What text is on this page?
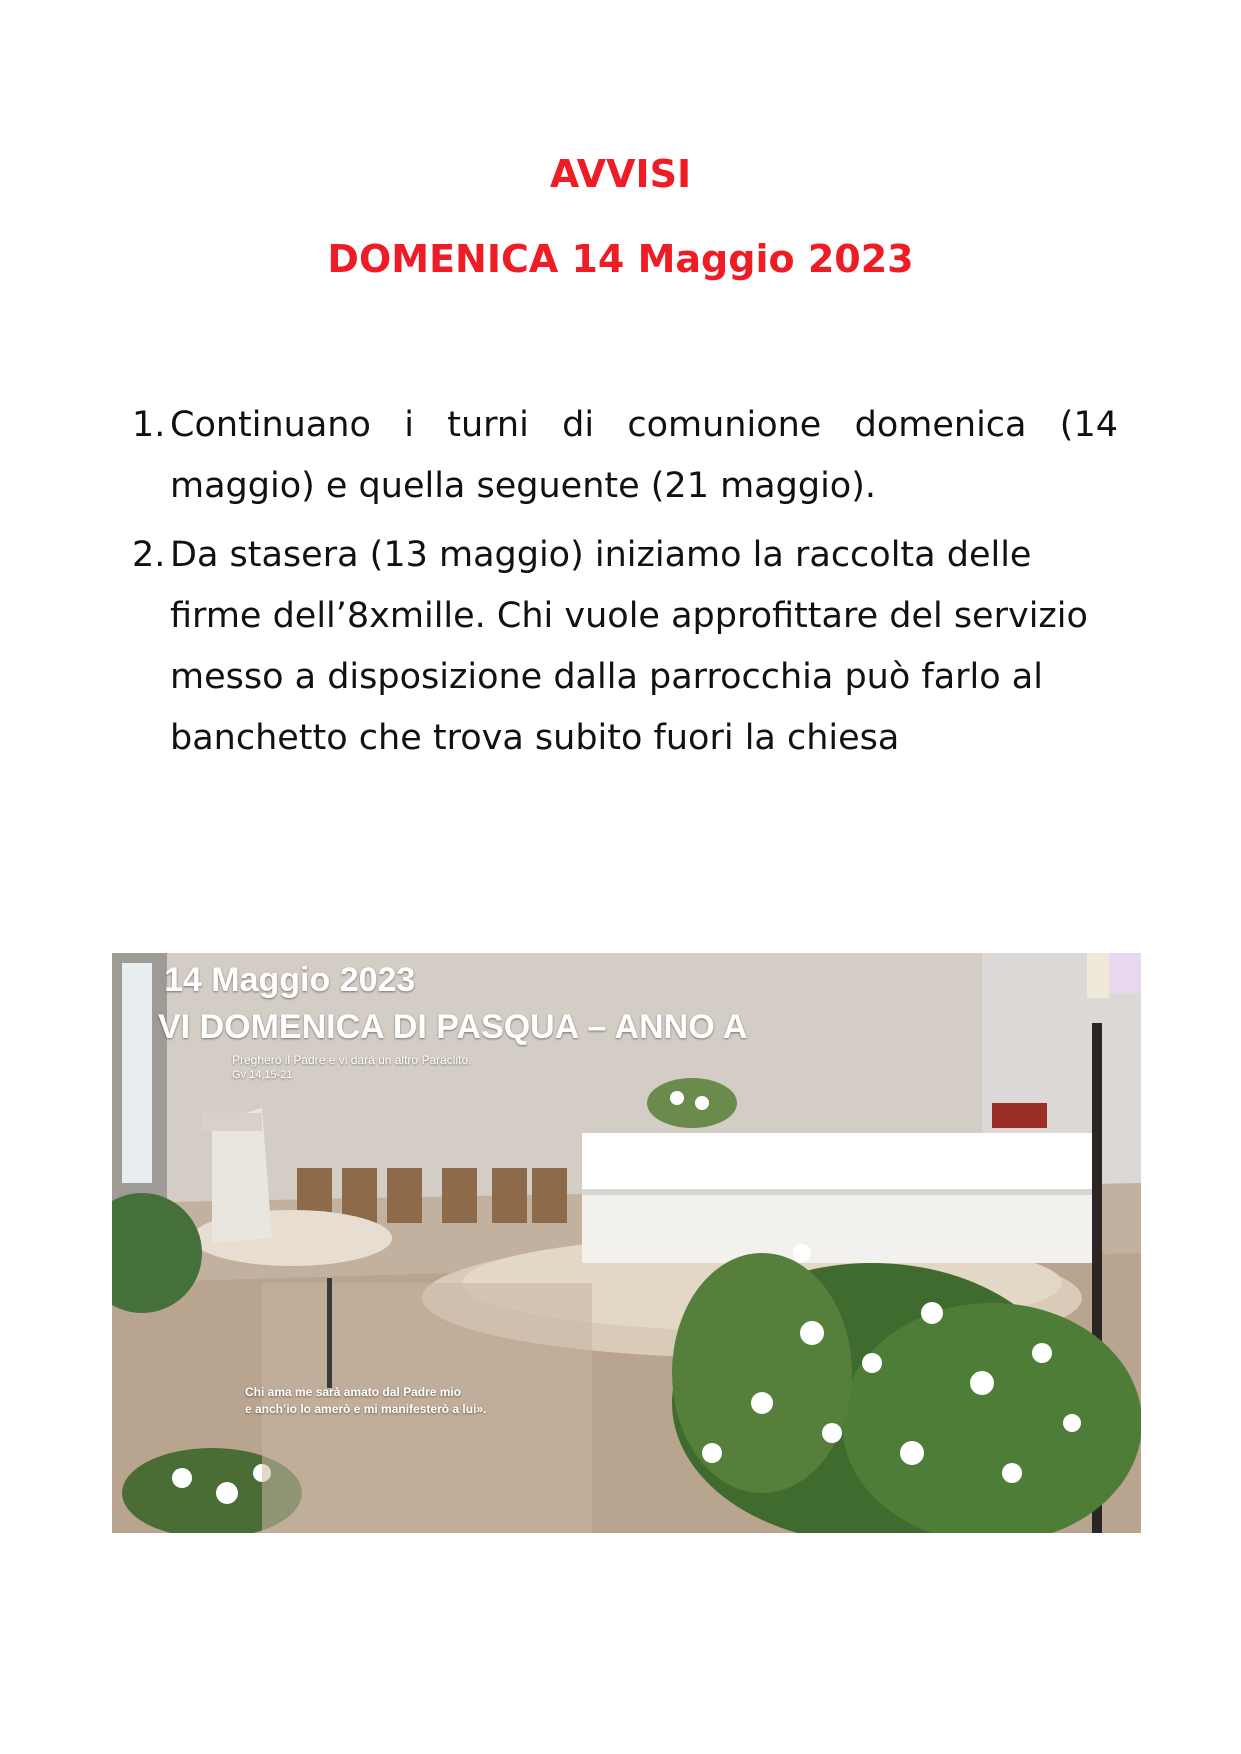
AVVISI
DOMENICA 14 Maggio 2023
1. Continuano i turni di comunione domenica (14 maggio) e quella seguente (21 maggio).
2. Da stasera (13 maggio) iniziamo la raccolta delle firme dell’8xmille. Chi vuole approfittare del servizio messo a disposizione dalla parrocchia può farlo al banchetto che trova subito fuori la chiesa
14 Maggio 2023
VI DOMENICA DI PASQUA – ANNO A
Pregherò il Padre e vi darà un altro Paràclito.
Gv 14,15-21
Chi ama me sarà amato dal Padre mio
e anch’io lo amerò e mi manifesterò a lui».
